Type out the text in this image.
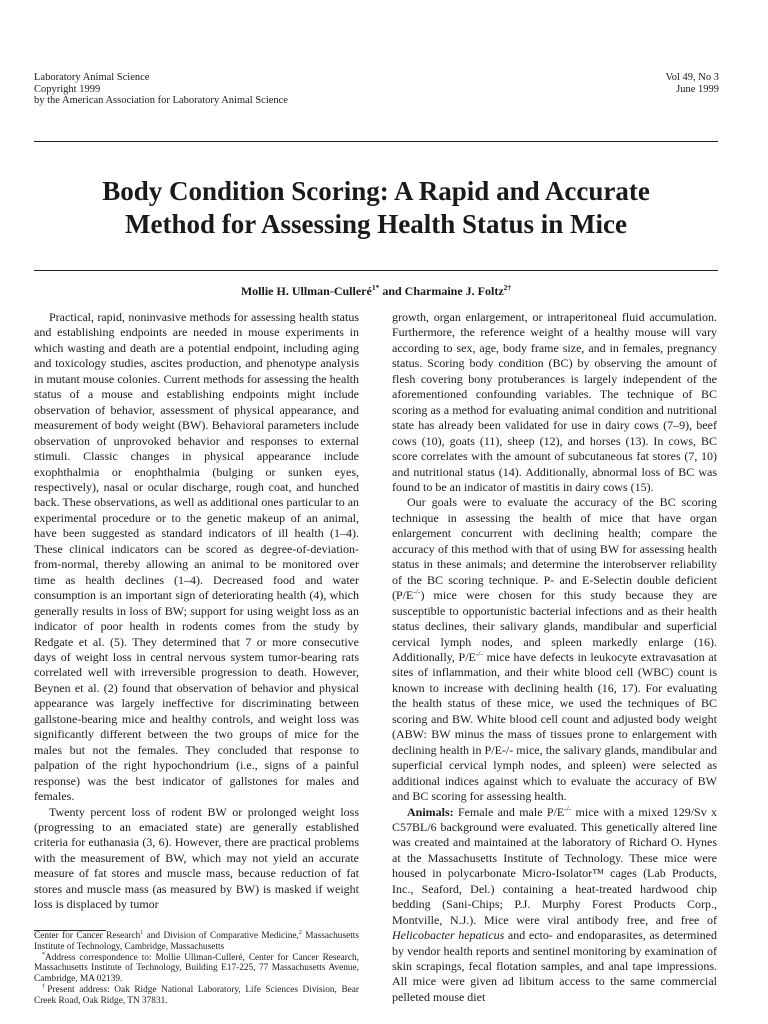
Laboratory Animal Science
Copyright 1999
by the American Association for Laboratory Animal Science
Vol 49, No 3
June 1999
Body Condition Scoring: A Rapid and Accurate
Method for Assessing Health Status in Mice
Mollie H. Ullman-Culleré$^{1*}$ and Charmaine J. Foltz$^{2\dagger}$

Practical, rapid, noninvasive methods for assessing health status and establishing endpoints are needed in mouse experiments in which wasting and death are a potential endpoint, including aging and toxicology studies, ascites production, and phenotype analysis in mutant mouse colonies. Current methods for assessing the health status of a mouse and establishing endpoints might include observation of behavior, assessment of physical appearance, and measurement of body weight (BW). Behavioral parameters include observation of unprovoked behavior and responses to external stimuli. Classic changes in physical appearance include exophthalmia or enophthalmia (bulging or sunken eyes, respectively), nasal or ocular discharge, rough coat, and hunched back. These observations, as well as additional ones particular to an experimental procedure or to the genetic makeup of an animal, have been suggested as standard indicators of ill health (1–4). These clinical indicators can be scored as degree-of-deviation-from-normal, thereby allowing an animal to be monitored over time as health declines (1–4). Decreased food and water consumption is an important sign of deteriorating health (4), which generally results in loss of BW; support for using weight loss as an indicator of poor health in rodents comes from the study by Redgate et al. (5). They determined that 7 or more consecutive days of weight loss in central nervous system tumor-bearing rats correlated well with irreversible progression to death. However, Beynen et al. (2) found that observation of behavior and physical appearance was largely ineffective for discriminating between gallstone-bearing mice and healthy controls, and weight loss was significantly different between the two groups of mice for the males but not the females. They concluded that response to palpation of the right hypochondrium (i.e., signs of a painful response) was the best indicator of gallstones for males and females.

Twenty percent loss of rodent BW or prolonged weight loss (progressing to an emaciated state) are generally established criteria for euthanasia (3, 6). However, there are practical problems with the measurement of BW, which may not yield an accurate measure of fat stores and muscle mass, because reduction of fat stores and muscle mass (as measured by BW) is masked if weight loss is displaced by tumor

growth, organ enlargement, or intraperitoneal fluid accumulation. Furthermore, the reference weight of a healthy mouse will vary according to sex, age, body frame size, and in females, pregnancy status. Scoring body condition (BC) by observing the amount of flesh covering bony protuberances is largely independent of the aforementioned confounding variables. The technique of BC scoring as a method for evaluating animal condition and nutritional state has already been validated for use in dairy cows (7–9), beef cows (10), goats (11), sheep (12), and horses (13). In cows, BC score correlates with the amount of subcutaneous fat stores (7, 10) and nutritional status (14). Additionally, abnormal loss of BC was found to be an indicator of mastitis in dairy cows (15).

Our goals were to evaluate the accuracy of the BC scoring technique in assessing the health of mice that have organ enlargement concurrent with declining health; compare the accuracy of this method with that of using BW for assessing health status in these animals; and determine the interobserver reliability of the BC scoring technique. P- and E-Selectin double deficient (P/E-/-) mice were chosen for this study because they are susceptible to opportunistic bacterial infections and as their health status declines, their salivary glands, mandibular and superficial cervical lymph nodes, and spleen markedly enlarge (16). Additionally, P/E-/- mice have defects in leukocyte extravasation at sites of inflammation, and their white blood cell (WBC) count is known to increase with declining health (16, 17). For evaluating the health status of these mice, we used the techniques of BC scoring and BW. White blood cell count and adjusted body weight (ABW: BW minus the mass of tissues prone to enlargement with declining health in P/E-/- mice, the salivary glands, mandibular and superficial cervical lymph nodes, and spleen) were selected as additional indices against which to evaluate the accuracy of BW and BC scoring for assessing health.

Animals: Female and male P/E-/- mice with a mixed 129/Sv x C57BL/6 background were evaluated. This genetically altered line was created and maintained at the laboratory of Richard O. Hynes at the Massachusetts Institute of Technology. These mice were housed in polycarbonate Micro-Isolator™ cages (Lab Products, Inc., Seaford, Del.) containing a heat-treated hardwood chip bedding (Sani-Chips; P.J. Murphy Forest Products Corp., Montville, N.J.). Mice were viral antibody free, and free of Helicobacter hepaticus and ecto- and endoparasites, as determined by vendor health reports and sentinel monitoring by examination of skin scrapings, fecal flotation samples, and anal tape impressions. All mice were given ad libitum access to the same commercial pelleted mouse diet

Center for Cancer Research$^1$ and Division of Comparative Medicine,$^2$ Massachusetts Institute of Technology, Cambridge, Massachusetts

*Address correspondence to: Mollie Ullman-Culleré, Center for Cancer Research, Massachusetts Institute of Technology, Building E17-225, 77 Massachusetts Avenue, Cambridge, MA 02139.

†Present address: Oak Ridge National Laboratory, Life Sciences Division, Bear Creek Road, Oak Ridge, TN 37831.
